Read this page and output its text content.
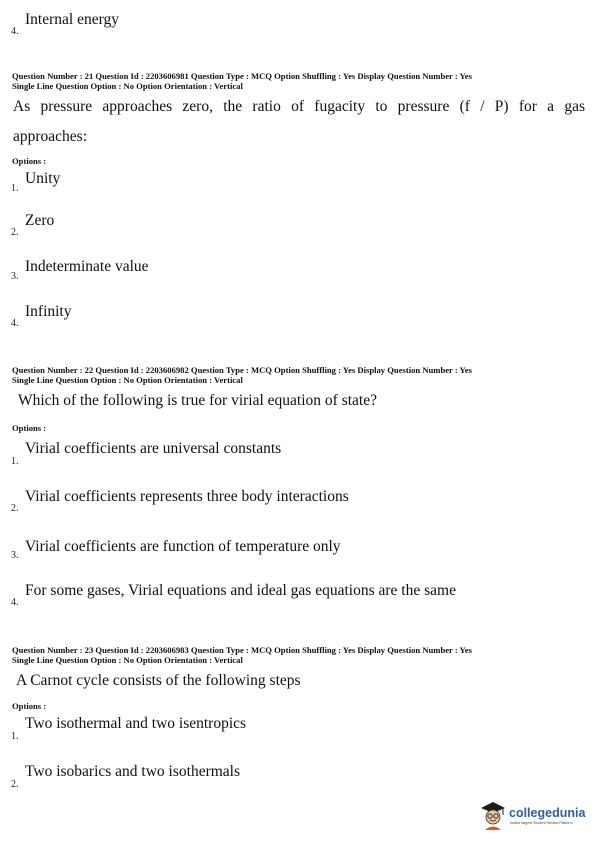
4.
Internal energy
Question Number : 21 Question Id : 2203606981 Question Type : MCQ Option Shuffling : Yes Display Question Number : Yes
Single Line Question Option : No Option Orientation : Vertical
As pressure approaches zero, the ratio of fugacity to pressure (f / P) for a gas
approaches:
Options :
1.
Unity
2.
Zero
3.
Indeterminate value
4.
Infinity
Question Number : 22 Question Id : 2203606982 Question Type : MCQ Option Shuffling : Yes Display Question Number : Yes
Single Line Question Option : No Option Orientation : Vertical
Which of the following is true for virial equation of state?
Options :
1.
Virial coefficients are universal constants
2.
Virial coefficients represents three body interactions
3.
Virial coefficients are function of temperature only
4.
For some gases, Virial equations and ideal gas equations are the same
Question Number : 23 Question Id : 2203606983 Question Type : MCQ Option Shuffling : Yes Display Question Number : Yes
Single Line Question Option : No Option Orientation : Vertical
A Carnot cycle consists of the following steps
Options :
1.
Two isothermal and two isentropics
2.
Two isobarics and two isothermals
collegedunia
India's largest Student Review Platform
